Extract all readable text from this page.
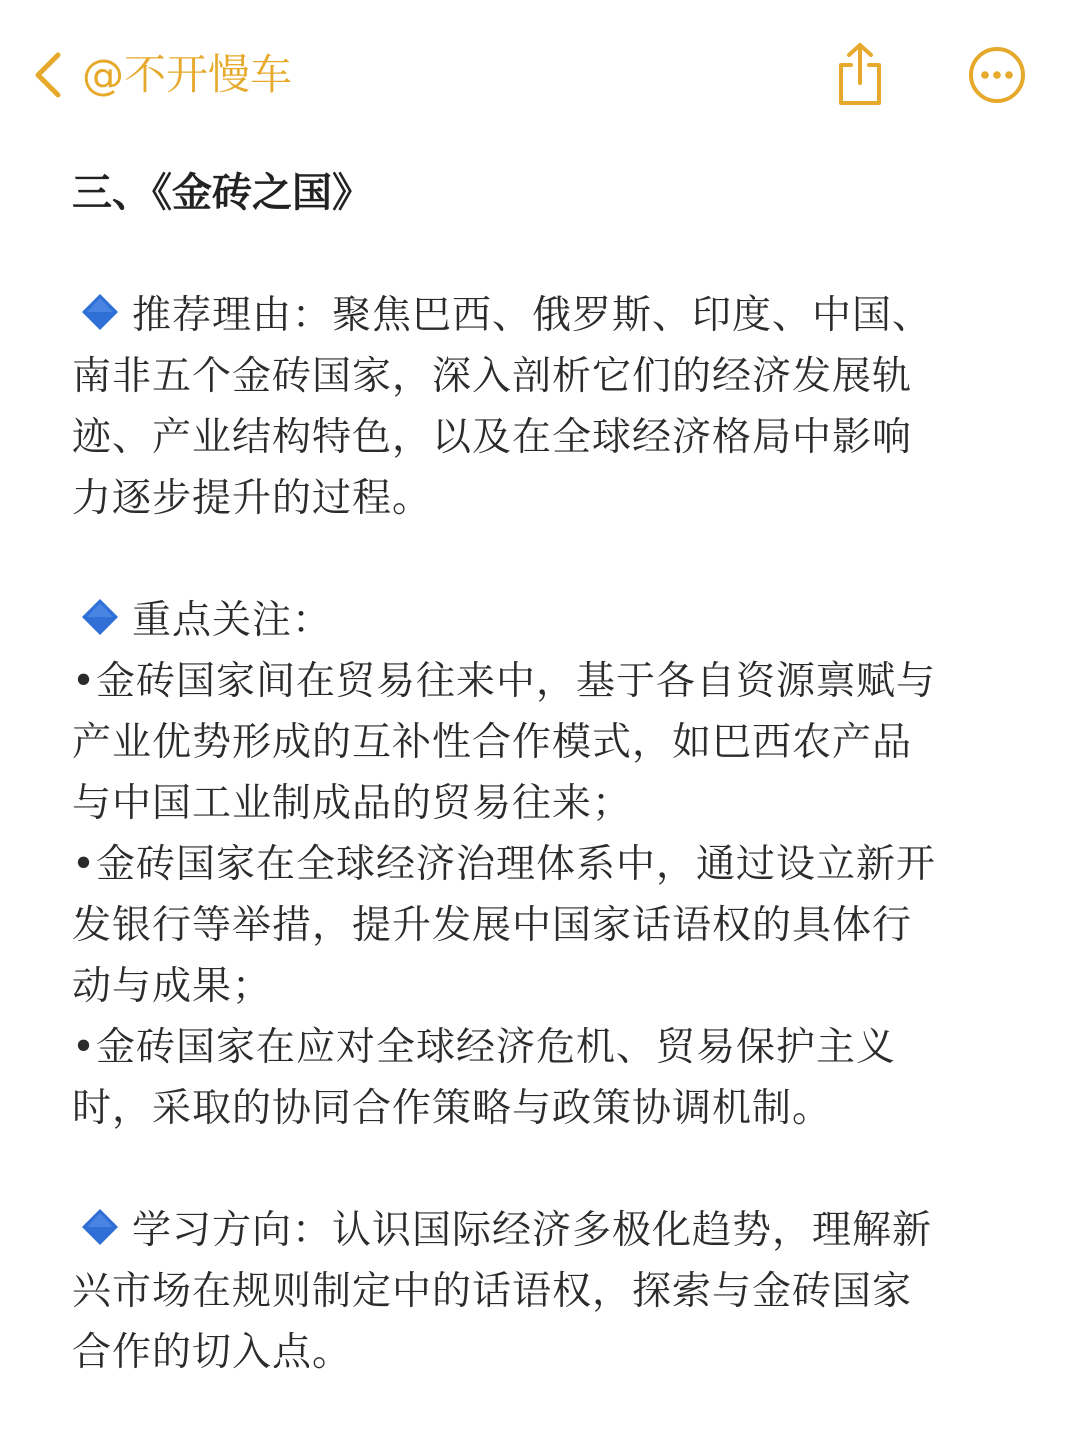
@不开慢车
三、《金砖之国》
推荐理由：聚焦巴西、俄罗斯、印度、中国、
南非五个金砖国家，深入剖析它们的经济发展轨
迹、产业结构特色，以及在全球经济格局中影响
力逐步提升的过程。
重点关注：
•金砖国家间在贸易往来中，基于各自资源禀赋与
产业优势形成的互补性合作模式，如巴西农产品
与中国工业制成品的贸易往来；
•金砖国家在全球经济治理体系中，通过设立新开
发银行等举措，提升发展中国家话语权的具体行
动与成果；
•金砖国家在应对全球经济危机、贸易保护主义
时，采取的协同合作策略与政策协调机制。
学习方向：认识国际经济多极化趋势，理解新
兴市场在规则制定中的话语权，探索与金砖国家
合作的切入点。
